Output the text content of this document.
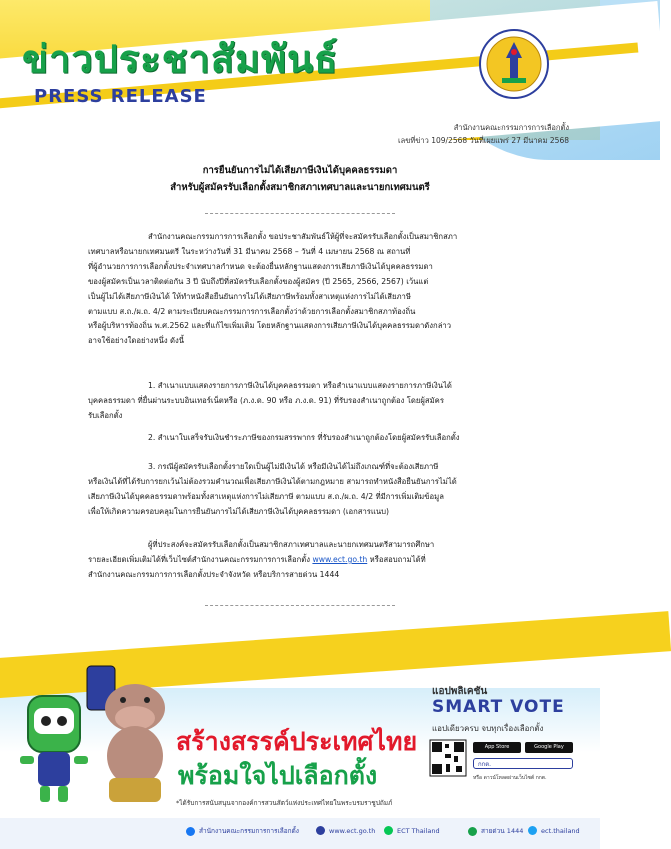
ข่าวประชาสัมพันธ์
PRESS RELEASE
สำนักงานคณะกรรมการการเลือกตั้ง
เลขที่ข่าว 109/2568 วันที่เผยแพร่ 27 มีนาคม 2568
การยืนยันการไม่ได้เสียภาษีเงินได้บุคคลธรรมดา
สำหรับผู้สมัครรับเลือกตั้งสมาชิกสภาเทศบาลและนายกเทศมนตรี
สำนักงานคณะกรรมการการเลือกตั้ง ขอประชาสัมพันธ์ให้ผู้ที่จะสมัครรับเลือกตั้งเป็นสมาชิกสภา
เทศบาลหรือนายกเทศมนตรี ในระหว่างวันที่ 31 มีนาคม 2568 – วันที่ 4 เมษายน 2568 ณ สถานที่
ที่ผู้อำนวยการการเลือกตั้งประจำเทศบาลกำหนด จะต้องยื่นหลักฐานแสดงการเสียภาษีเงินได้บุคคลธรรมดา
ของผู้สมัครเป็นเวลาติดต่อกัน 3 ปี นับถึงปีที่สมัครรับเลือกตั้งของผู้สมัคร (ปี 2565, 2566, 2567) เว้นแต่
เป็นผู้ไม่ได้เสียภาษีเงินได้ ให้ทำหนังสือยืนยันการไม่ได้เสียภาษีพร้อมทั้งสาเหตุแห่งการไม่ได้เสียภาษี
ตามแบบ ส.ถ./ผ.ถ. 4/2 ตามระเบียบคณะกรรมการการเลือกตั้งว่าด้วยการเลือกตั้งสมาชิกสภาท้องถิ่น
หรือผู้บริหารท้องถิ่น พ.ศ.2562 และที่แก้ไขเพิ่มเติม โดยหลักฐานแสดงการเสียภาษีเงินได้บุคคลธรรมดาดังกล่าว
อาจใช้อย่างใดอย่างหนึ่ง ดังนี้
1. สำเนาแบบแสดงรายการภาษีเงินได้บุคคลธรรมดา หรือสำเนาแบบแสดงรายการภาษีเงินได้
บุคคลธรรมดา ที่ยื่นผ่านระบบอินเทอร์เน็ตหรือ (ภ.ง.ด. 90 หรือ ภ.ง.ด. 91) ที่รับรองสำเนาถูกต้อง โดยผู้สมัคร
รับเลือกตั้ง
2. สำเนาใบเสร็จรับเงินชำระภาษีของกรมสรรพากร ที่รับรองสำเนาถูกต้องโดยผู้สมัครรับเลือกตั้ง
3. กรณีผู้สมัครรับเลือกตั้งรายใดเป็นผู้ไม่มีเงินได้ หรือมีเงินได้ไม่ถึงเกณฑ์ที่จะต้องเสียภาษี
หรือเงินได้ที่ได้รับการยกเว้นไม่ต้องรวมคำนวณเพื่อเสียภาษีเงินได้ตามกฎหมาย สามารถทำหนังสือยืนยันการไม่ได้
เสียภาษีเงินได้บุคคลธรรมดาพร้อมทั้งสาเหตุแห่งการไม่เสียภาษี ตามแบบ ส.ถ./ผ.ถ. 4/2 ที่มีการเพิ่มเติมข้อมูล
เพื่อให้เกิดความครอบคลุมในการยืนยันการไม่ได้เสียภาษีเงินได้บุคคลธรรมดา (เอกสารแนบ)
ผู้ที่ประสงค์จะสมัครรับเลือกตั้งเป็นสมาชิกสภาเทศบาลและนายกเทศมนตรีสามารถศึกษา
รายละเอียดเพิ่มเติมได้ที่เว็บไซต์สำนักงานคณะกรรมการการเลือกตั้ง www.ect.go.th หรือสอบถามได้ที่
สำนักงานคณะกรรมการการเลือกตั้งประจำจังหวัด หรือบริการสายด่วน 1444
สร้างสรรค์ประเทศไทย
พร้อมใจไปเลือกตั้ง
*ได้รับการสนับสนุนจากองค์การสวนสัตว์แห่งประเทศไทยในพระบรมราชูปถัมภ์
แอปพลิเคชัน
SMART VOTE
แอปเดียวครบ จบทุกเรื่องเลือกตั้ง
App Store	Google Play
กกต.
หรือ ดาวน์โหลดผ่านเว็บไซต์ กกต.
สำนักงานคณะกรรมการการเลือกตั้ง	www.ect.go.th	ECT Thailand	สายด่วน 1444	ect.thailand
